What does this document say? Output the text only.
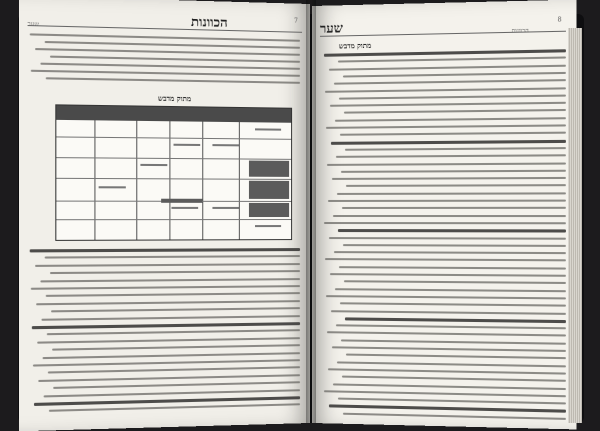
הכוונות	7
מתוק מדבש
שער
8
מתוק מדבש
